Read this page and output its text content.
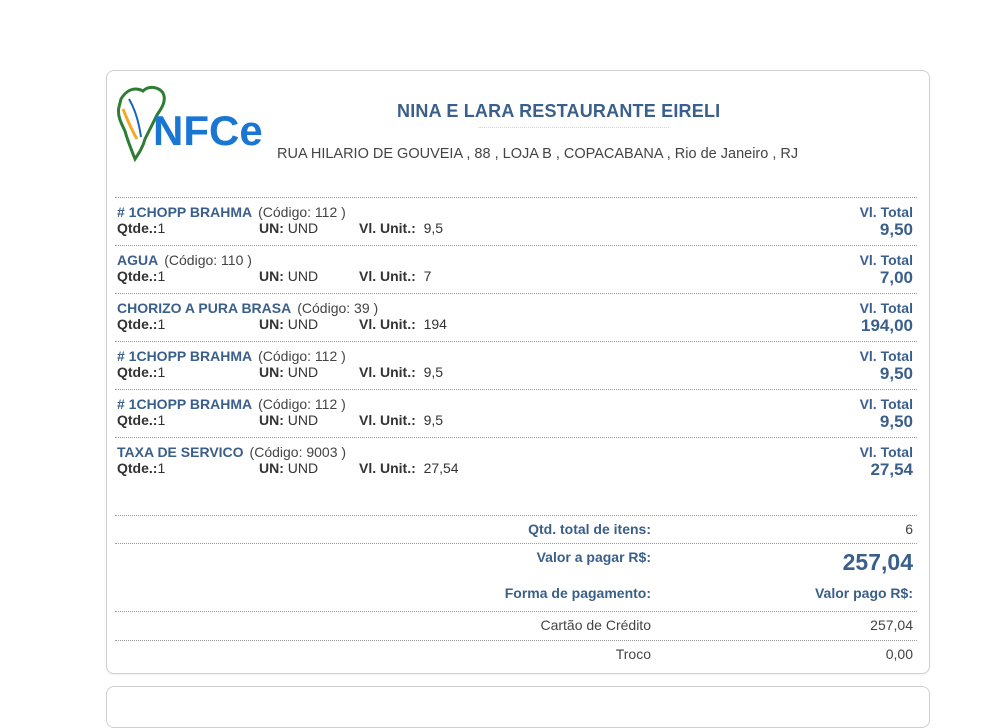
NFCe	NINA E LARA RESTAURANTE EIRELI
RUA HILARIO DE GOUVEIA , 88 , LOJA B , COPACABANA , Rio de Janeiro , RJ
# 1CHOPP BRAHMA (Código: 112 )
Qtde.:1	UN: UND	Vl. Unit.: 9,5
Vl. Total
9,50
AGUA (Código: 110 )
Qtde.:1	UN: UND	Vl. Unit.: 7
Vl. Total
7,00
CHORIZO A PURA BRASA (Código: 39 )
Qtde.:1	UN: UND	Vl. Unit.: 194
Vl. Total
194,00
# 1CHOPP BRAHMA (Código: 112 )
Qtde.:1	UN: UND	Vl. Unit.: 9,5
Vl. Total
9,50
# 1CHOPP BRAHMA (Código: 112 )
Qtde.:1	UN: UND	Vl. Unit.: 9,5
Vl. Total
9,50
TAXA DE SERVICO (Código: 9003 )
Qtde.:1	UN: UND	Vl. Unit.: 27,54
Vl. Total
27,54
Qtd. total de itens:	6
Valor a pagar R$:	257,04
Forma de pagamento:	Valor pago R$:
Cartão de Crédito	257,04
Troco	0,00
